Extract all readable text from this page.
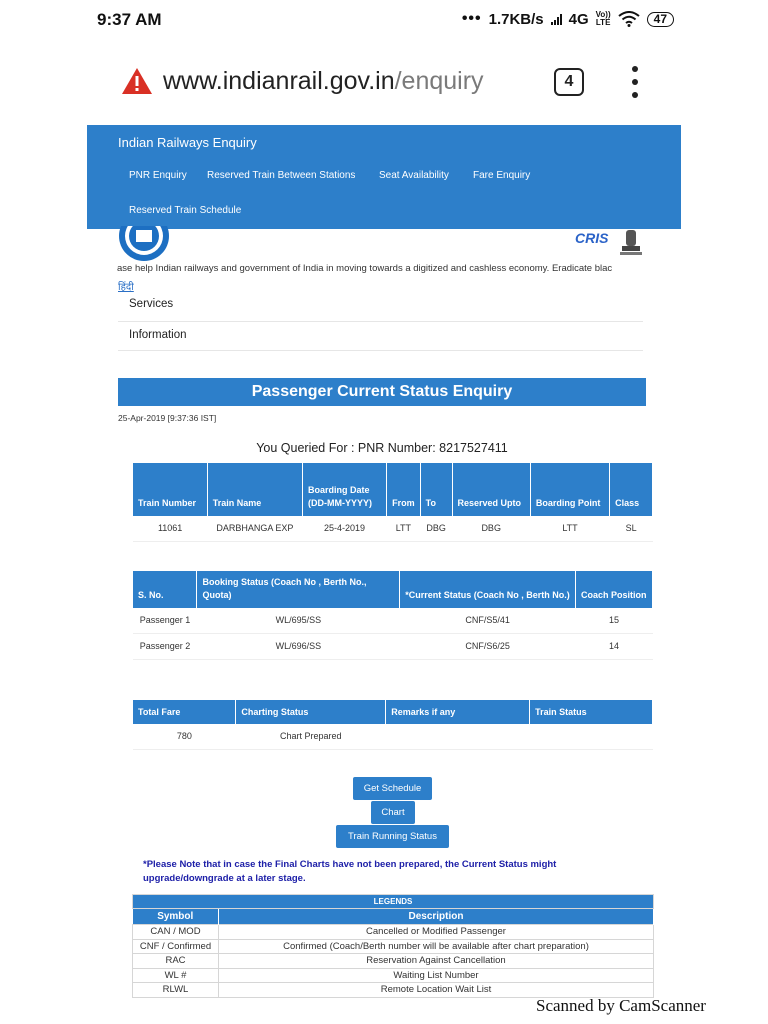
9:37 AM	••• 1.7KB/s 4G Vo))
LTE	47
www.indianrail.gov.in/enquiry	4
Indian Railways Enquiry
PNR Enquiry Reserved Train Between Stations Seat Availability Fare Enquiry
Reserved Train Schedule
CRIS
ase help Indian railways and government of India in moving towards a digitized and cashless economy. Eradicate blac
हिंदी
Services
Information
Passenger Current Status Enquiry
25-Apr-2019 [9:37:36 IST]
You Queried For : PNR Number: 8217527411
Train Number	Train Name	Boarding Date (DD-MM-YYYY)	From	To	Reserved Upto	Boarding Point	Class
11061	DARBHANGA EXP	25-4-2019	LTT	DBG	DBG	LTT	SL
S. No.	Booking Status (Coach No , Berth No., Quota)	*Current Status (Coach No , Berth No.)	Coach Position
Passenger 1	WL/695/SS	CNF/S5/41	15
Passenger 2	WL/696/SS	CNF/S6/25	14
Total Fare	Charting Status	Remarks if any	Train Status
780	Chart Prepared		
Get Schedule
Chart
Train Running Status
*Please Note that in case the Final Charts have not been prepared, the Current Status might upgrade/downgrade at a later stage.
LEGENDS	
Symbol	Description
CAN / MOD	Cancelled or Modified Passenger
CNF / Confirmed	Confirmed (Coach/Berth number will be available after chart preparation)
RAC	Reservation Against Cancellation
WL #	Waiting List Number
RLWL	Remote Location Wait List
Scanned by CamScanner
